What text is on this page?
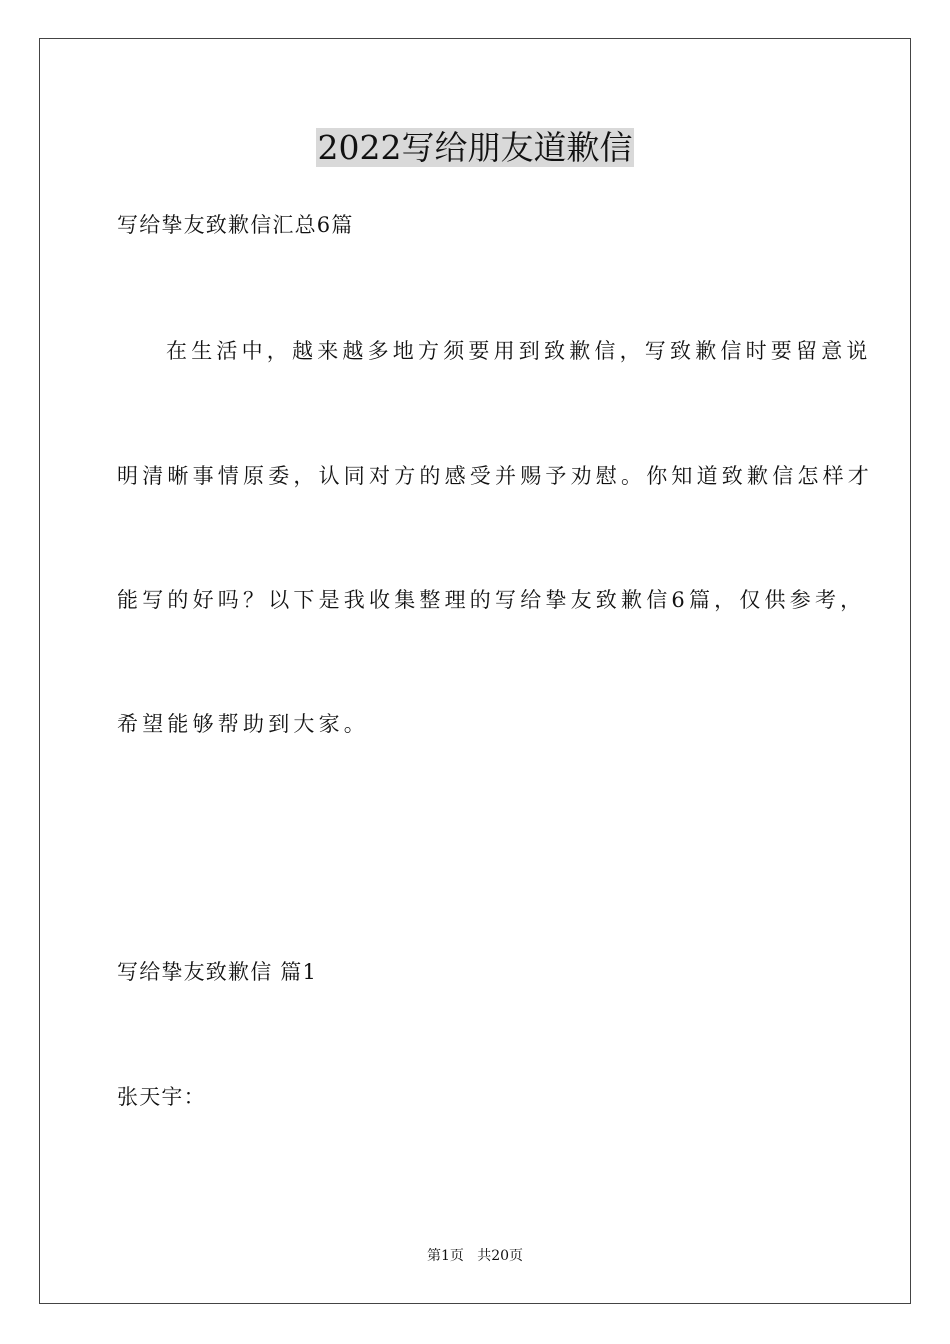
2022写给朋友道歉信
写给挚友致歉信汇总6篇
在生活中，越来越多地方须要用到致歉信，写致歉信时要留意说
明清晰事情原委，认同对方的感受并赐予劝慰。你知道致歉信怎样才
能写的好吗？以下是我收集整理的写给挚友致歉信6篇，仅供参考，
希望能够帮助到大家。
写给挚友致歉信 篇1
张天宇：
第1页   共20页
